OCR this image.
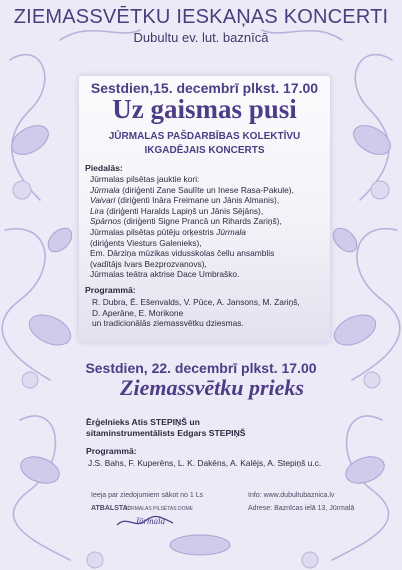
ZIEMASSVĒTKU IESKAŅAS KONCERTI
Dubultu ev. lut. baznīcā
Sestdien,15. decembrī plkst. 17.00
Uz gaismas pusi
JŪRMALAS PAŠDARBĪBAS KOLEKTĪVU
IKGADĒJAIS KONCERTS
Piedalās:
Jūrmalas pilsētas jauktie kori:
Jūrmala (diriģenti Zane Saulīte un Inese Rasa-Pakule),
Vaivari (diriģenti Ināra Freimane un Jānis Almanis),
Lira (diriģenti Haralds Lapiņš un Jānis Sējāns),
Spārnos (diriģenti Signe Prancā un Rihards Zariņš),
Jūrmalas pilsētas pūtēju orķestris Jūrmala
(diriģents Viesturs Galenieks),
Em. Dārziņa mūzikas vidusskolas čellu ansamblis
(vadītājs Ivars Bezprozvanovs),
Jūrmalas teātra aktrise Dace Umbraško.
Programmā:
R. Dubra, Ē. Ešenvalds, V. Pūce, A. Jansons, M. Zariņš,
D. Aperāne, E. Morikone
un tradicionālās ziemassvētku dziesmas.
Sestdien, 22. decembrī plkst. 17.00
Ziemassvētku prieks
Ērģelnieks Atis STEPIŅŠ un
sitaminstrumentālists Edgars STEPIŅŠ
Programmā:
J.S. Bahs, F. Kuperēns, L. K. Dakēns, A. Kalējs, A. Stepiņš u.c.
Ieeja par ziedojumiem sākot no 1 Ls
ATBALSTA:
JŪRMALAS PILSĒTAS DOME
Jūrmala
Info: www.dubultubaznica.lv
Adrese: Baznīcas ielā 13, Jūrmalā
